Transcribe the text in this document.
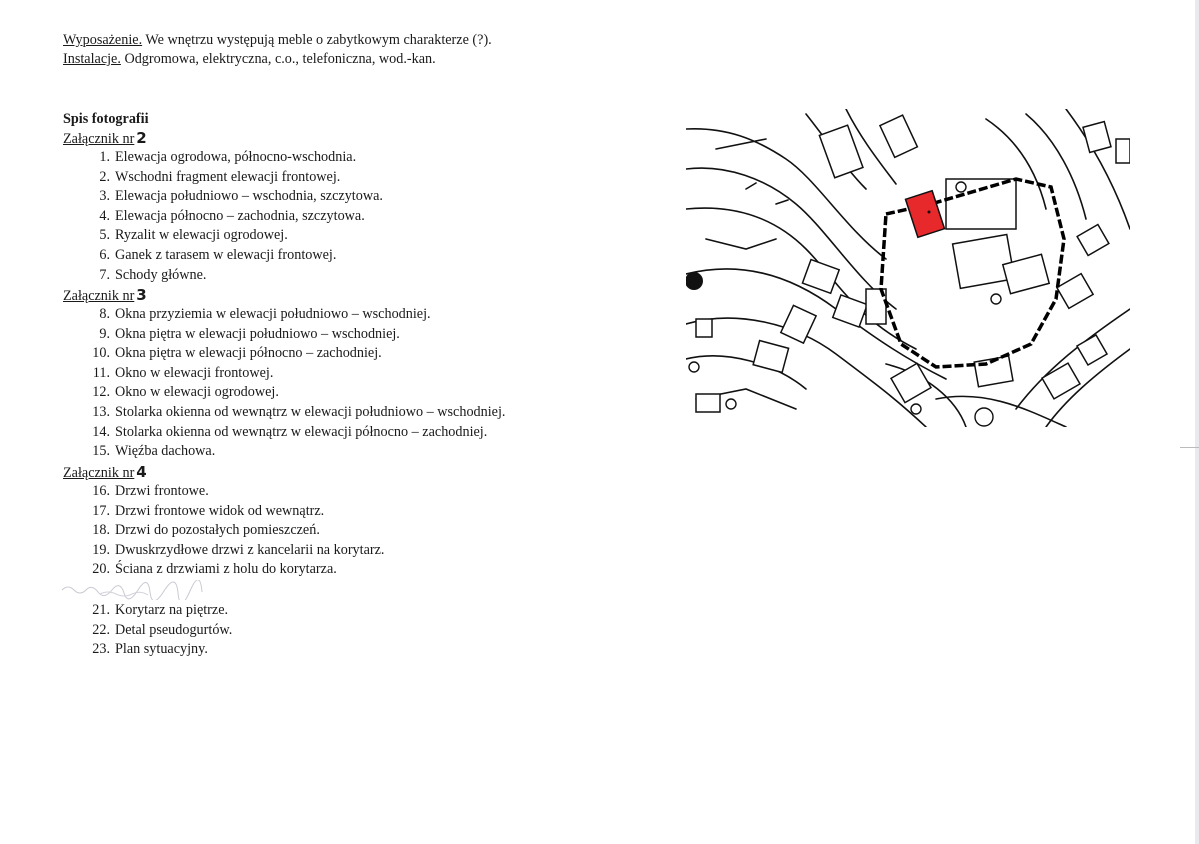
Wyposażenie. We wnętrzu występują meble o zabytkowym charakterze (?).
Instalacje. Odgromowa, elektryczna, c.o., telefoniczna, wod.-kan.
Spis fotografii
Załącznik nr 2
1. Elewacja ogrodowa, północno-wschodnia.
2. Wschodni fragment elewacji frontowej.
3. Elewacja południowo – wschodnia, szczytowa.
4. Elewacja północno – zachodnia, szczytowa.
5. Ryzalit w elewacji ogrodowej.
6. Ganek z tarasem w elewacji frontowej.
7. Schody główne.
Załącznik nr 3
8. Okna przyziemia w elewacji południowo – wschodniej.
9. Okna piętra w elewacji południowo – wschodniej.
10. Okna piętra w elewacji północno – zachodniej.
11. Okno w elewacji frontowej.
12. Okno w elewacji ogrodowej.
13. Stolarka okienna od wewnątrz w elewacji południowo – wschodniej.
14. Stolarka okienna od wewnątrz w elewacji północno – zachodniej.
15. Więźba dachowa.
Załącznik nr 4
16. Drzwi frontowe.
17. Drzwi frontowe widok od wewnątrz.
18. Drzwi do pozostałych pomieszczeń.
19. Dwuskrzydłowe drzwi z kancelarii na korytarz.
20. Ściana z drzwiami z holu do korytarza.
21. Korytarz na piętrze.
22. Detal pseudogurtów.
23. Plan sytuacyjny.
